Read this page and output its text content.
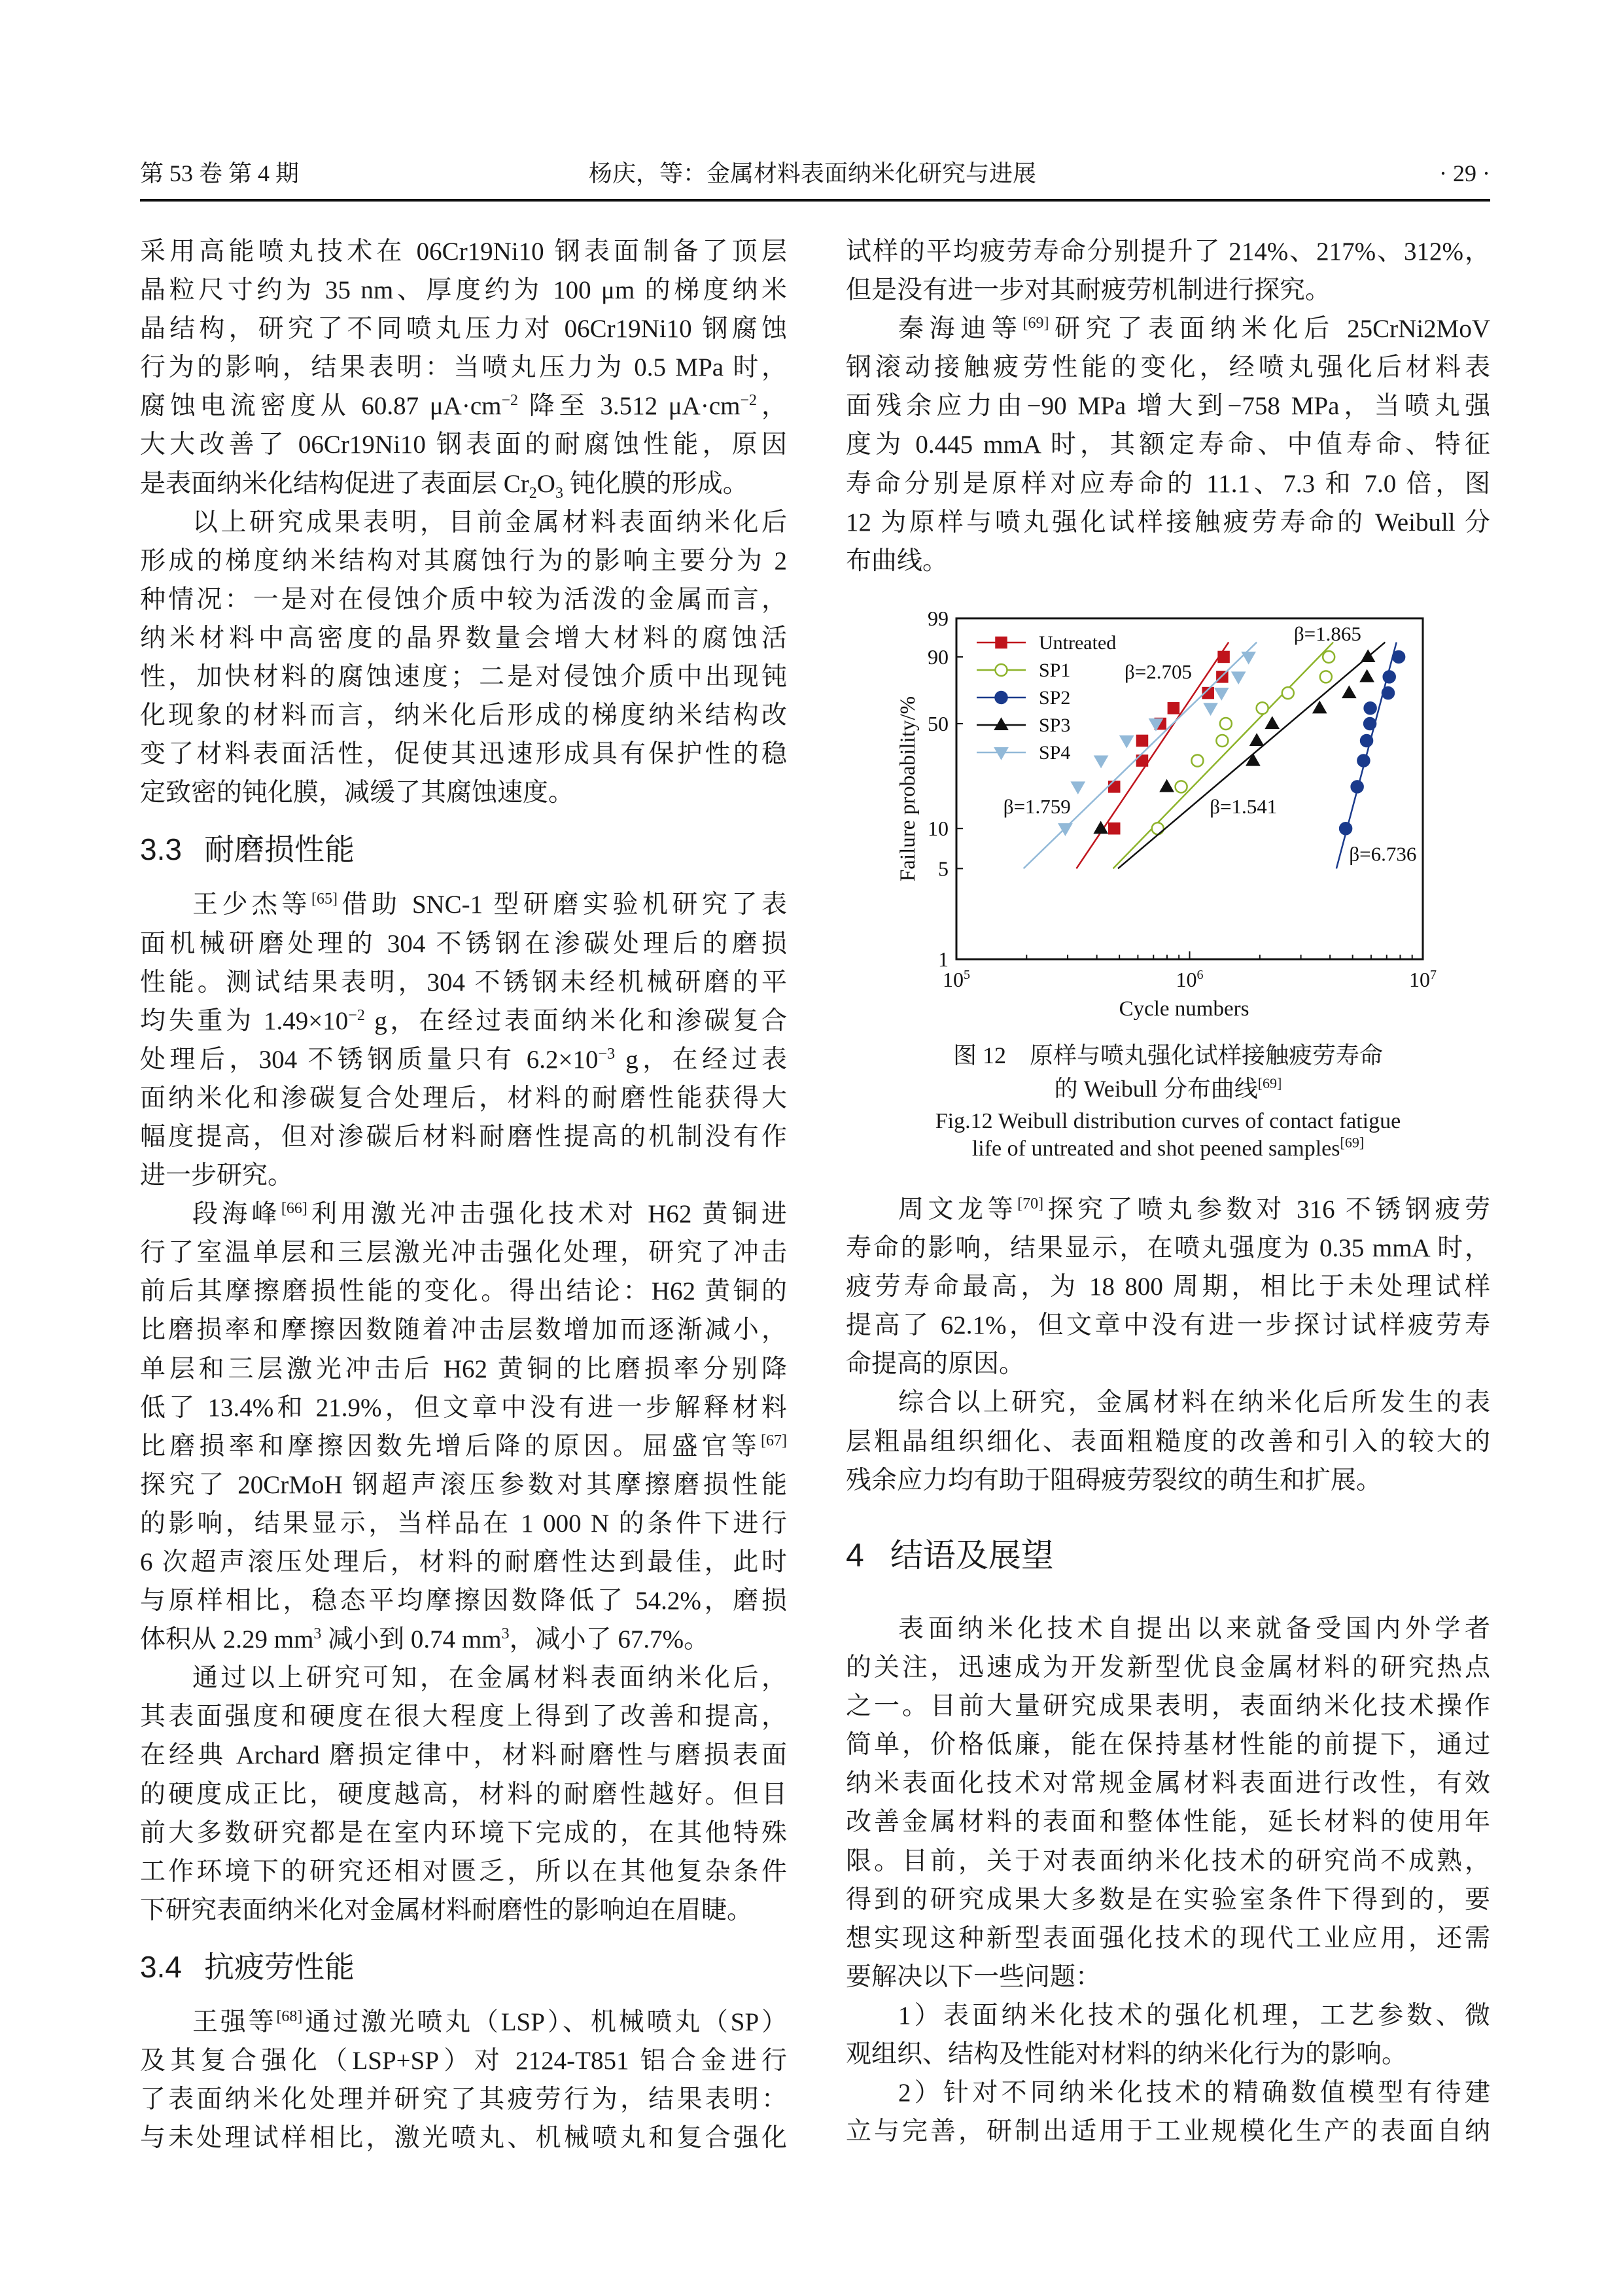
第 53 卷 第 4 期	杨庆，等：金属材料表面纳米化研究与进展	· 29 ·
采用高能喷丸技术在 06Cr19Ni10 钢表面制备了顶层
晶粒尺寸约为 35 nm、厚度约为 100 μm 的梯度纳米
晶结构，研究了不同喷丸压力对 06Cr19Ni10 钢腐蚀
行为的影响，结果表明：当喷丸压力为 0.5 MPa 时，
腐蚀电流密度从 60.87 $\mu A\cdot cm^{-2}$ 降至 3.512 $\mu A\cdot cm^{-2}$，
大大改善了 06Cr19Ni10 钢表面的耐腐蚀性能，原因
是表面纳米化结构促进了表面层 $Cr_2O_3$ 钝化膜的形成。
以上研究成果表明，目前金属材料表面纳米化后
形成的梯度纳米结构对其腐蚀行为的影响主要分为 2
种情况：一是对在侵蚀介质中较为活泼的金属而言，
纳米材料中高密度的晶界数量会增大材料的腐蚀活
性，加快材料的腐蚀速度；二是对侵蚀介质中出现钝
化现象的材料而言，纳米化后形成的梯度纳米结构改
变了材料表面活性，促使其迅速形成具有保护性的稳
定致密的钝化膜，减缓了其腐蚀速度。
3.3 耐磨损性能
王少杰等[65]借助 SNC-1 型研磨实验机研究了表
面机械研磨处理的 304 不锈钢在渗碳处理后的磨损
性能。测试结果表明，304 不锈钢未经机械研磨的平
均失重为 $1.49\times 10^{-2}$ g，在经过表面纳米化和渗碳复合
处理后，304 不锈钢质量只有 $6.2\times 10^{-3}$ g，在经过表
面纳米化和渗碳复合处理后，材料的耐磨性能获得大
幅度提高，但对渗碳后材料耐磨性提高的机制没有作
进一步研究。
段海峰[66]利用激光冲击强化技术对 H62 黄铜进
行了室温单层和三层激光冲击强化处理，研究了冲击
前后其摩擦磨损性能的变化。得出结论：H62 黄铜的
比磨损率和摩擦因数随着冲击层数增加而逐渐减小，
单层和三层激光冲击后 H62 黄铜的比磨损率分别降
低了 13.4%和 21.9%，但文章中没有进一步解释材料
比磨损率和摩擦因数先增后降的原因。屈盛官等[67]
探究了 20CrMoH 钢超声滚压参数对其摩擦磨损性能
的影响，结果显示，当样品在 1 000 N 的条件下进行
6 次超声滚压处理后，材料的耐磨性达到最佳，此时
与原样相比，稳态平均摩擦因数降低了 54.2%，磨损
体积从 2.29 $mm^3$ 减小到 0.74 $mm^3$，减小了 67.7%。
通过以上研究可知，在金属材料表面纳米化后，
其表面强度和硬度在很大程度上得到了改善和提高，
在经典 Archard 磨损定律中，材料耐磨性与磨损表面
的硬度成正比，硬度越高，材料的耐磨性越好。但目
前大多数研究都是在室内环境下完成的，在其他特殊
工作环境下的研究还相对匮乏，所以在其他复杂条件
下研究表面纳米化对金属材料耐磨性的影响迫在眉睫。
3.4 抗疲劳性能
王强等[68]通过激光喷丸（LSP）、机械喷丸（SP）
及其复合强化（LSP+SP）对 2124-T851 铝合金进行
了表面纳米化处理并研究了其疲劳行为，结果表明：
与未处理试样相比，激光喷丸、机械喷丸和复合强化
试样的平均疲劳寿命分别提升了 214%、217%、312%，
但是没有进一步对其耐疲劳机制进行探究。
秦海迪等[69]研究了表面纳米化后 25CrNi2MoV
钢滚动接触疲劳性能的变化，经喷丸强化后材料表
面残余应力由−90 MPa 增大到−758 MPa，当喷丸强
度为 0.445 mmA 时，其额定寿命、中值寿命、特征
寿命分别是原样对应寿命的 11.1、7.3 和 7.0 倍，图
12 为原样与喷丸强化试样接触疲劳寿命的 Weibull 分
布曲线。
$10^5$	$10^6$	$10^7$
1
5
10
50
90
99
Cycle numbers
Failure probability/%
β=1.865
β=2.705
β=1.759	β=1.541
β=6.736
Untreated
SP1
SP2
SP3
SP4
图 12　原样与喷丸强化试样接触疲劳寿命
的 Weibull 分布曲线[69]
Fig.12 Weibull distribution curves of contact fatigue
life of untreated and shot peened samples[69]
周文龙等[70]探究了喷丸参数对 316 不锈钢疲劳
寿命的影响，结果显示，在喷丸强度为 0.35 mmA 时，
疲劳寿命最高，为 18 800 周期，相比于未处理试样
提高了 62.1%，但文章中没有进一步探讨试样疲劳寿
命提高的原因。
综合以上研究，金属材料在纳米化后所发生的表
层粗晶组织细化、表面粗糙度的改善和引入的较大的
残余应力均有助于阻碍疲劳裂纹的萌生和扩展。
4 结语及展望
表面纳米化技术自提出以来就备受国内外学者
的关注，迅速成为开发新型优良金属材料的研究热点
之一。目前大量研究成果表明，表面纳米化技术操作
简单，价格低廉，能在保持基材性能的前提下，通过
纳米表面化技术对常规金属材料表面进行改性，有效
改善金属材料的表面和整体性能，延长材料的使用年
限。目前，关于对表面纳米化技术的研究尚不成熟，
得到的研究成果大多数是在实验室条件下得到的，要
想实现这种新型表面强化技术的现代工业应用，还需
要解决以下一些问题：
1）表面纳米化技术的强化机理，工艺参数、微
观组织、结构及性能对材料的纳米化行为的影响。
2）针对不同纳米化技术的精确数值模型有待建
立与完善，研制出适用于工业规模化生产的表面自纳
